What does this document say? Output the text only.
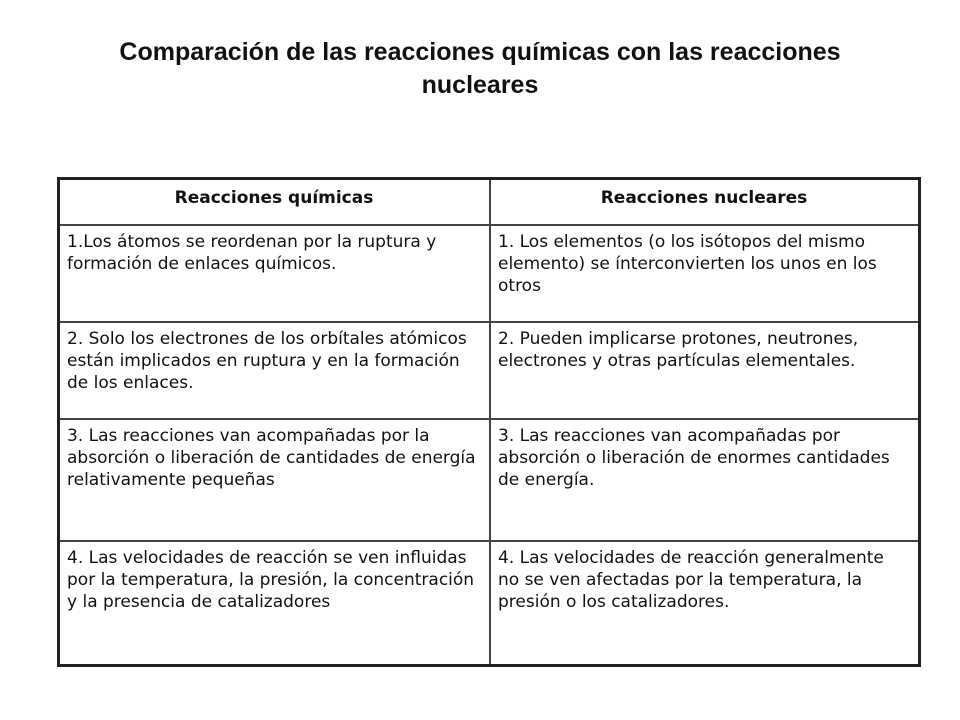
Comparación de las reacciones químicas con las reacciones nucleares
Reacciones químicas	Reacciones nucleares
1.Los átomos se reordenan por la ruptura y formación de enlaces químicos.	1. Los elementos (o los isótopos del mismo elemento) se ínterconvierten los unos en los otros
2. Solo los electrones de los orbítales atómicos están implicados en ruptura y en la formación de los enlaces.	2. Pueden implicarse protones, neutrones, electrones y otras partículas elementales.
3. Las reacciones van acompañadas por la absorción o liberación de cantidades de energía relativamente pequeñas	3. Las reacciones van acompañadas por absorción o liberación de enormes cantidades de energía.
4. Las velocidades de reacción se ven influidas por la temperatura, la presión, la concentración y la presencia de catalizadores	4. Las velocidades de reacción generalmente no se ven afectadas por la temperatura, la presión o los catalizadores.
